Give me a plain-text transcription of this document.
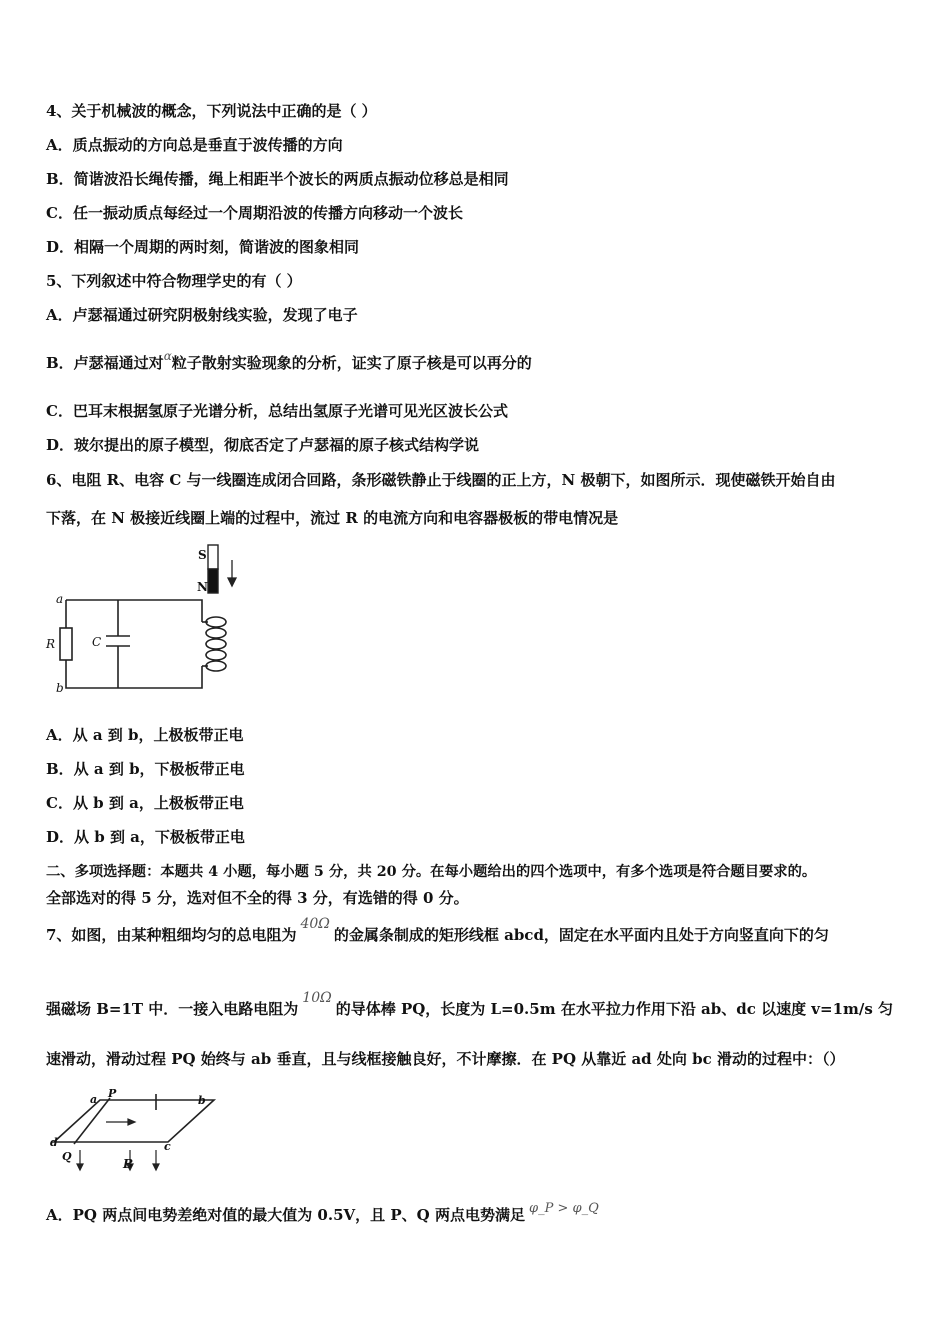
4、关于机械波的概念，下列说法中正确的是（ ）
A．质点振动的方向总是垂直于波传播的方向
B．简谐波沿长绳传播，绳上相距半个波长的两质点振动位移总是相同
C．任一振动质点每经过一个周期沿波的传播方向移动一个波长
D．相隔一个周期的两时刻，简谐波的图象相同
5、下列叙述中符合物理学史的有（ ）
A．卢瑟福通过研究阴极射线实验，发现了电子
B．卢瑟福通过对$^\alpha$粒子散射实验现象的分析，证实了原子核是可以再分的
C．巴耳末根据氢原子光谱分析，总结出氢原子光谱可见光区波长公式
D．玻尔提出的原子模型，彻底否定了卢瑟福的原子核式结构学说
6、电阻 R、电容 C 与一线圈连成闭合回路，条形磁铁静止于线圈的正上方，N 极朝下，如图所示．现使磁铁开始自由
下落，在 N 极接近线圈上端的过程中，流过 R 的电流方向和电容器极板的带电情况是
S
N
a
b
R	C
A．从 a 到 b，上极板带正电
B．从 a 到 b，下极板带正电
C．从 b 到 a，上极板带正电
D．从 b 到 a，下极板带正电
二、多项选择题：本题共 4 小题，每小题 5 分，共 20 分。在每小题给出的四个选项中，有多个选项是符合题目要求的。
全部选对的得 5 分，选对但不全的得 3 分，有选错的得 0 分。
7、如图，由某种粗细均匀的总电阻为40Ω的金属条制成的矩形线框 abcd，固定在水平面内且处于方向竖直向下的匀
强磁场 B=1T 中．一接入电路电阻为10Ω的导体棒 PQ，长度为 L=0.5m 在水平拉力作用下沿 ab、dc 以速度 v=1m/s 匀
速滑动，滑动过程 PQ 始终与 ab 垂直，且与线框接触良好，不计摩擦．在 PQ 从靠近 ad 处向 bc 滑动的过程中：（）
a P
b
d	c
Q
B
A．PQ 两点间电势差绝对值的最大值为 0.5V，且 P、Q 两点电势满足 φ_P > φ_Q
